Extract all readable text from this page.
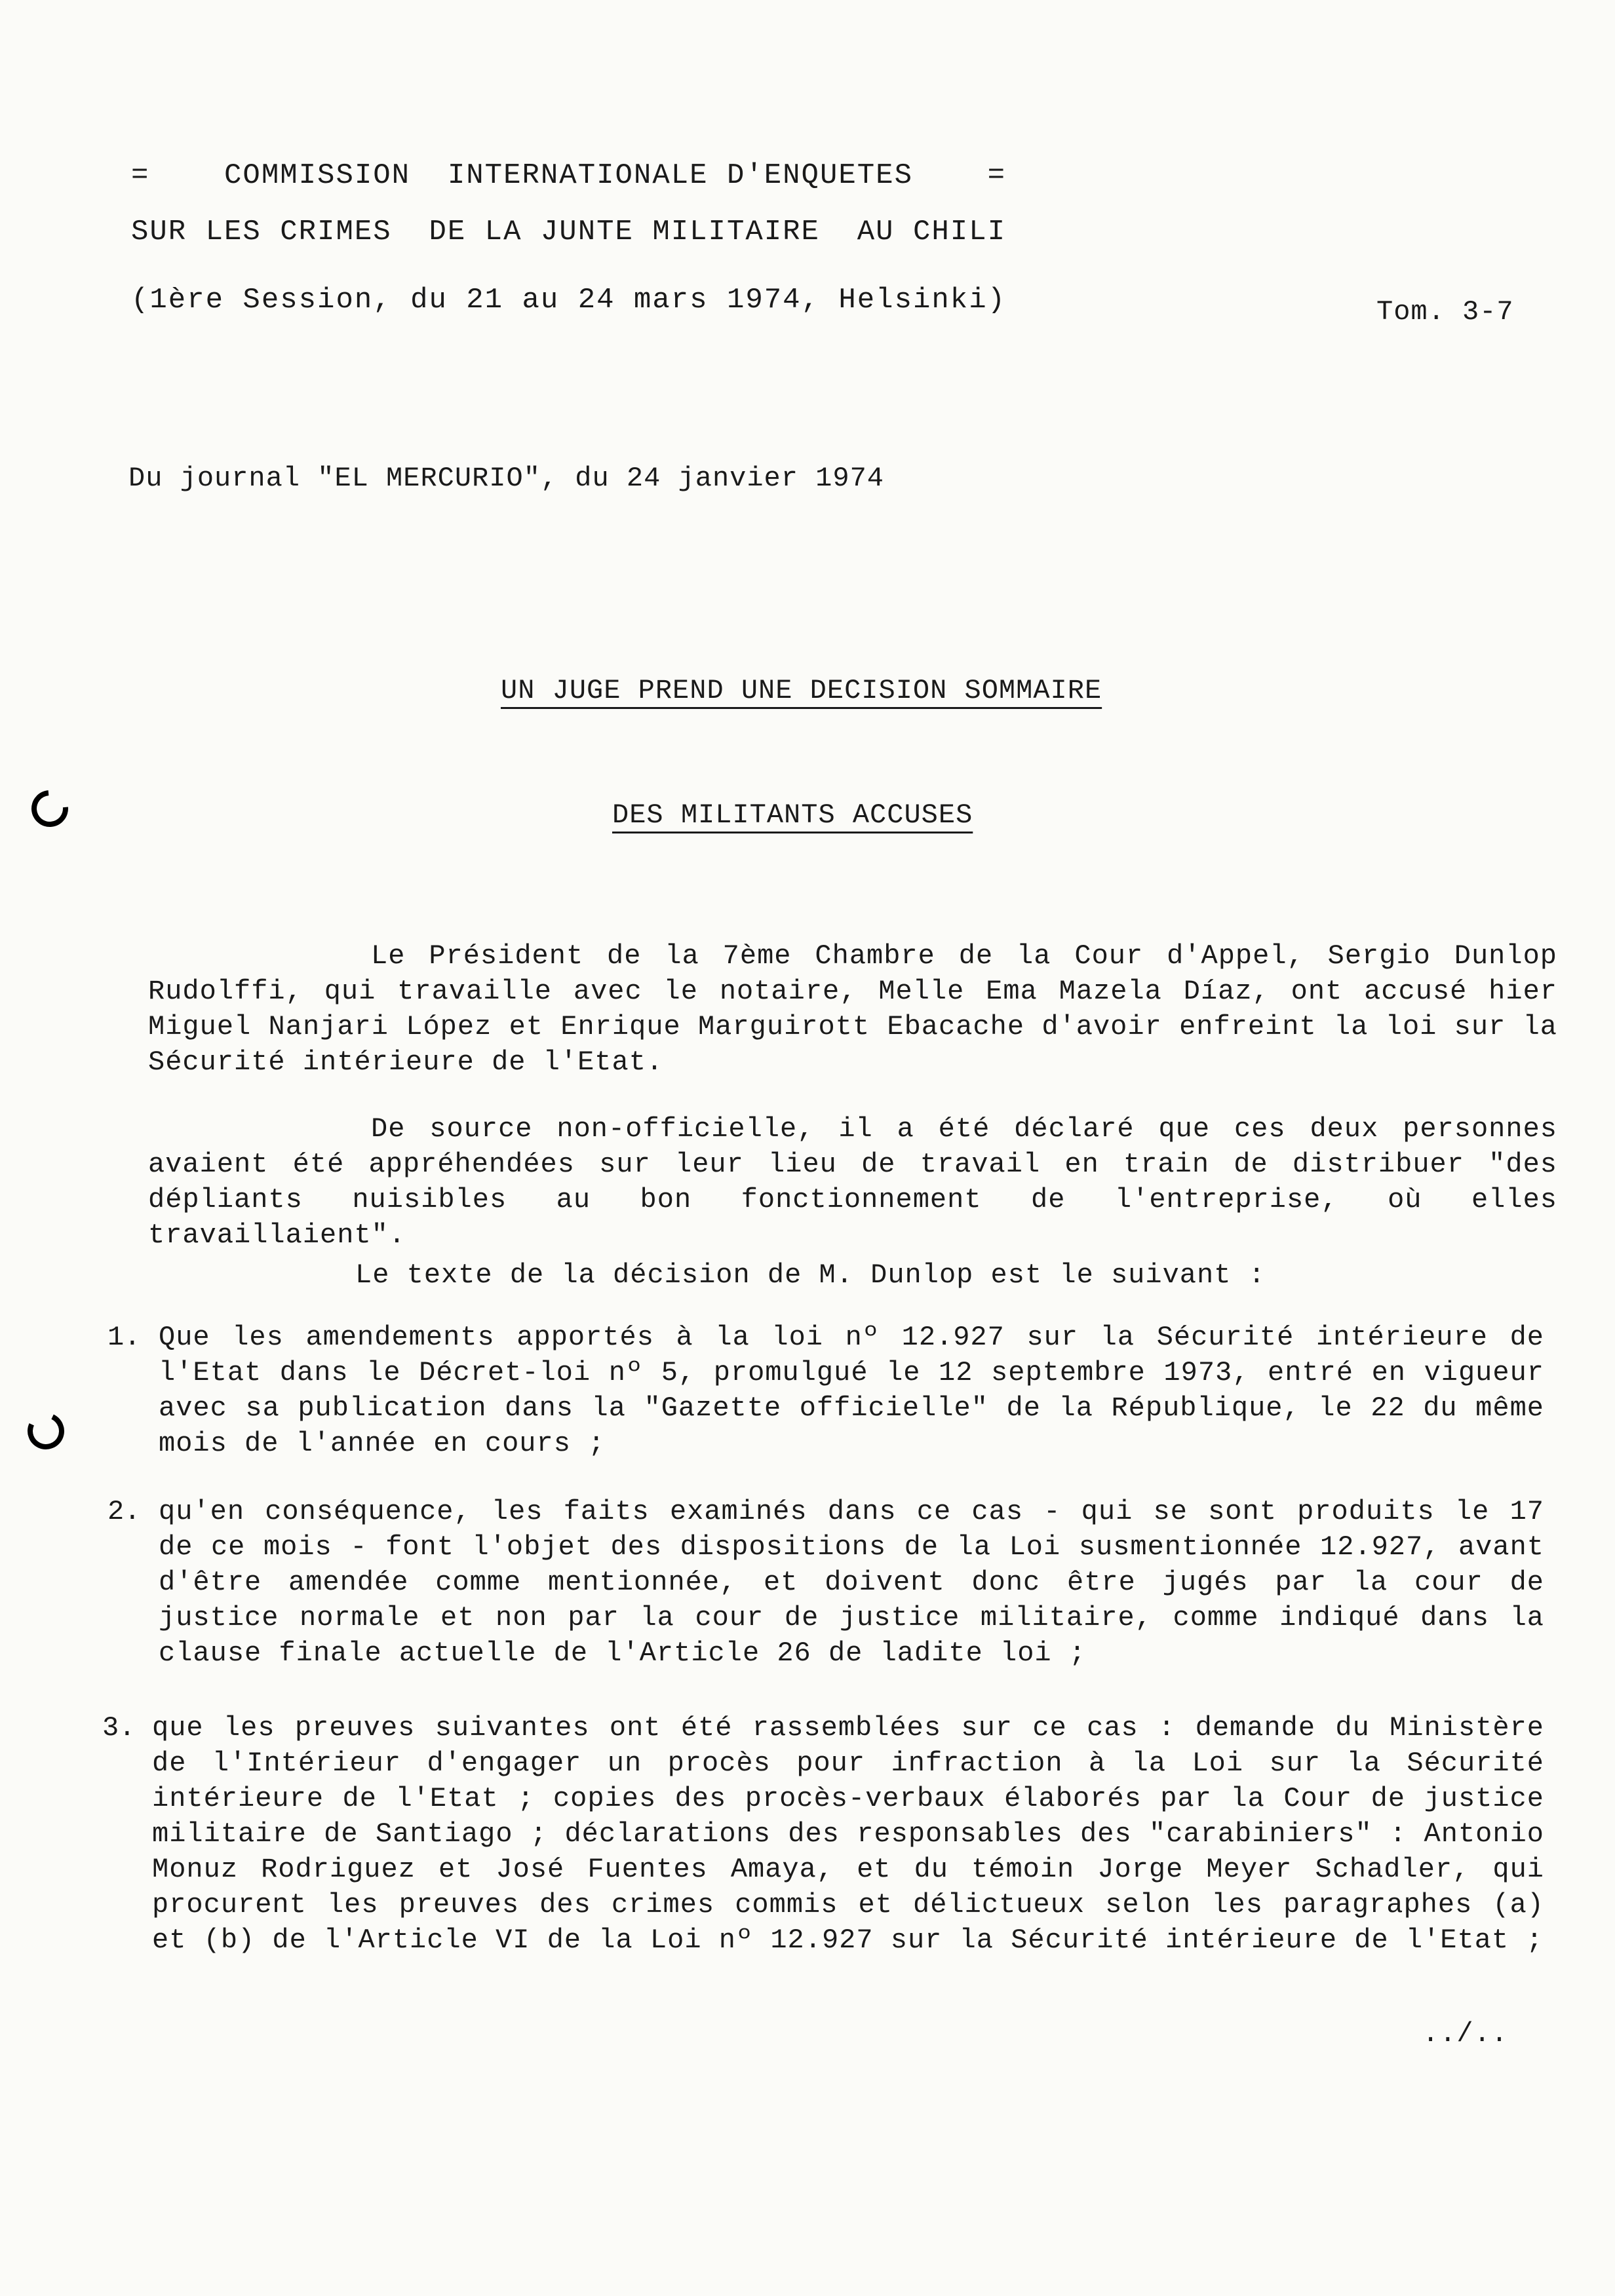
=    COMMISSION  INTERNATIONALE D'ENQUETES    =
SUR LES CRIMES  DE LA JUNTE MILITAIRE  AU CHILI
(1ère Session, du 21 au 24 mars 1974, Helsinki)	Tom. 3-7
Du journal "EL MERCURIO", du 24 janvier 1974
UN JUGE PREND UNE DECISION SOMMAIRE
DES MILITANTS ACCUSES
Le Président de la 7ème Chambre de la Cour d'Appel, Sergio Dunlop Rudolffi, qui travaille avec le notaire, Melle Ema Mazela Díaz, ont accusé hier Miguel Nanjari López et Enrique Marguirott Ebacache d'avoir enfreint la loi sur la Sécurité intérieure de l'Etat.
De source non-officielle, il a été déclaré que ces deux personnes avaient été appréhendées sur leur lieu de travail en train de distribuer "des dépliants nuisibles au bon fonctionnement de l'entreprise, où elles travaillaient".
Le texte de la décision de M. Dunlop est le suivant :
1. Que les amendements apportés à la loi nº 12.927 sur la Sécurité intérieure de l'Etat dans le Décret-loi nº 5, promulgué le 12 septembre 1973, entré en vigueur avec sa publication dans la "Gazette officielle" de la République, le 22 du même mois de l'année en cours ;
2. qu'en conséquence, les faits examinés dans ce cas - qui se sont produits le 17 de ce mois - font l'objet des dispositions de la Loi susmentionnée 12.927, avant d'être amendée comme mentionnée, et doivent donc être jugés par la cour de justice normale et non par la cour de justice militaire, comme indiqué dans la clause finale actuelle de l'Article 26 de ladite loi ;
3. que les preuves suivantes ont été rassemblées sur ce cas : demande du Ministère de l'Intérieur d'engager un procès pour infraction à la Loi sur la Sécurité intérieure de l'Etat ; copies des procès-verbaux élaborés par la Cour de justice militaire de Santiago ; déclarations des responsables des "carabiniers" : Antonio Monuz Rodriguez et José Fuentes Amaya, et du témoin Jorge Meyer Schadler, qui procurent les preuves des crimes commis et délictueux selon les paragraphes (a) et (b) de l'Article VI de la Loi nº 12.927 sur la Sécurité intérieure de l'Etat ;
../..
